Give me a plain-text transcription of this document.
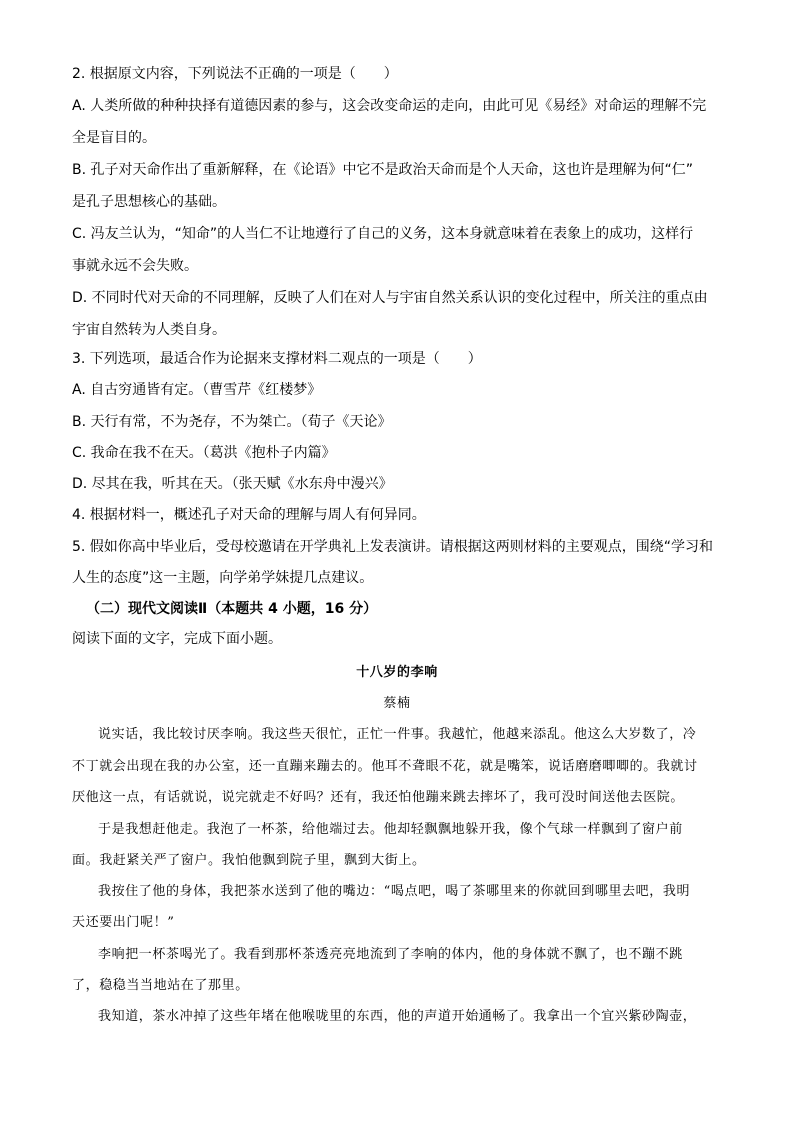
2. 根据原文内容，下列说法不正确的一项是（　　）
A. 人类所做的种种抉择有道德因素的参与，这会改变命运的走向，由此可见《易经》对命运的理解不完
全是盲目的。
B. 孔子对天命作出了重新解释，在《论语》中它不是政治天命而是个人天命，这也许是理解为何“仁”
是孔子思想核心的基础。
C. 冯友兰认为，“知命”的人当仁不让地遵行了自己的义务，这本身就意味着在表象上的成功，这样行
事就永远不会失败。
D. 不同时代对天命的不同理解，反映了人们在对人与宇宙自然关系认识的变化过程中，所关注的重点由
宇宙自然转为人类自身。
3. 下列选项，最适合作为论据来支撑材料二观点的一项是（　　）
A. 自古穷通皆有定。（曹雪芹《红楼梦》
B. 天行有常，不为尧存，不为桀亡。（荀子《天论》
C. 我命在我不在天。（葛洪《抱朴子内篇》
D. 尽其在我，听其在天。（张天赋《水东舟中漫兴》
4. 根据材料一，概述孔子对天命的理解与周人有何异同。
5. 假如你高中毕业后，受母校邀请在开学典礼上发表演讲。请根据这两则材料的主要观点，围绕“学习和
人生的态度”这一主题，向学弟学妹提几点建议。
（二）现代文阅读Ⅱ（本题共 4 小题，16 分）
阅读下面的文字，完成下面小题。
十八岁的李响
蔡楠
说实话，我比较讨厌李响。我这些天很忙，正忙一件事。我越忙，他越来添乱。他这么大岁数了，冷
不丁就会出现在我的办公室，还一直蹦来蹦去的。他耳不聋眼不花，就是嘴笨，说话磨磨唧唧的。我就讨
厌他这一点，有话就说，说完就走不好吗？还有，我还怕他蹦来跳去摔坏了，我可没时间送他去医院。
于是我想赶他走。我泡了一杯茶，给他端过去。他却轻飘飘地躲开我，像个气球一样飘到了窗户前
面。我赶紧关严了窗户。我怕他飘到院子里，飘到大街上。
我按住了他的身体，我把茶水送到了他的嘴边：“喝点吧，喝了茶哪里来的你就回到哪里去吧，我明
天还要出门呢！”
李响把一杯茶喝光了。我看到那杯茶透亮亮地流到了李响的体内，他的身体就不飘了，也不蹦不跳
了，稳稳当当地站在了那里。
我知道，茶水冲掉了这些年堵在他喉咙里的东西，他的声道开始通畅了。我拿出一个宜兴紫砂陶壶，
